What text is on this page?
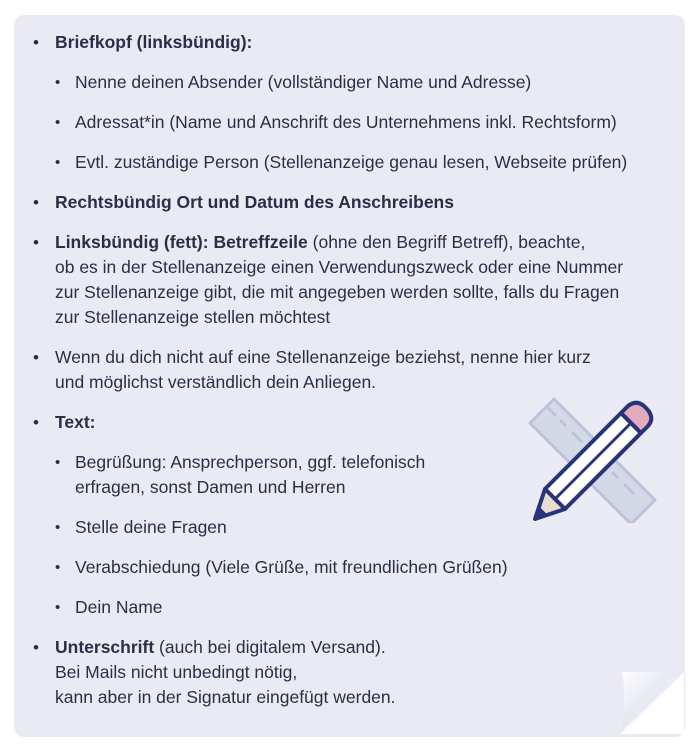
• Briefkopf (linksbündig):
• Nenne deinen Absender (vollständiger Name und Adresse)
• Adressat*in (Name und Anschrift des Unternehmens inkl. Rechtsform)
• Evtl. zuständige Person (Stellenanzeige genau lesen, Webseite prüfen)
• Rechtsbündig Ort und Datum des Anschreibens
• Linksbündig (fett): Betreffzeile (ohne den Begriff Betreff), beachte,
ob es in der Stellenanzeige einen Verwendungszweck oder eine Nummer
zur Stellenanzeige gibt, die mit angegeben werden sollte, falls du Fragen
zur Stellenanzeige stellen möchtest
• Wenn du dich nicht auf eine Stellenanzeige beziehst, nenne hier kurz
und möglichst verständlich dein Anliegen.
• Text:
• Begrüßung: Ansprechperson, ggf. telefonisch
erfragen, sonst Damen und Herren
• Stelle deine Fragen
• Verabschiedung (Viele Grüße, mit freundlichen Grüßen)
• Dein Name
• Unterschrift (auch bei digitalem Versand).
Bei Mails nicht unbedingt nötig,
kann aber in der Signatur eingefügt werden.
